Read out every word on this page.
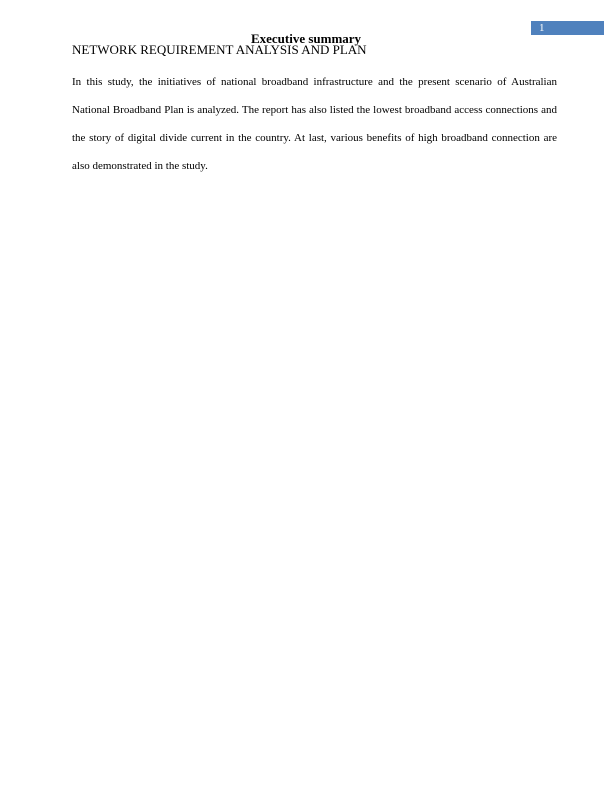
1
Executive summary
NETWORK REQUIREMENT ANALYSIS AND PLAN

In this study, the initiatives of national broadband infrastructure and the present scenario of Australian National Broadband Plan is analyzed. The report has also listed the lowest broadband access connections and the story of digital divide current in the country. At last, various benefits of high broadband connection are also demonstrated in the study.
